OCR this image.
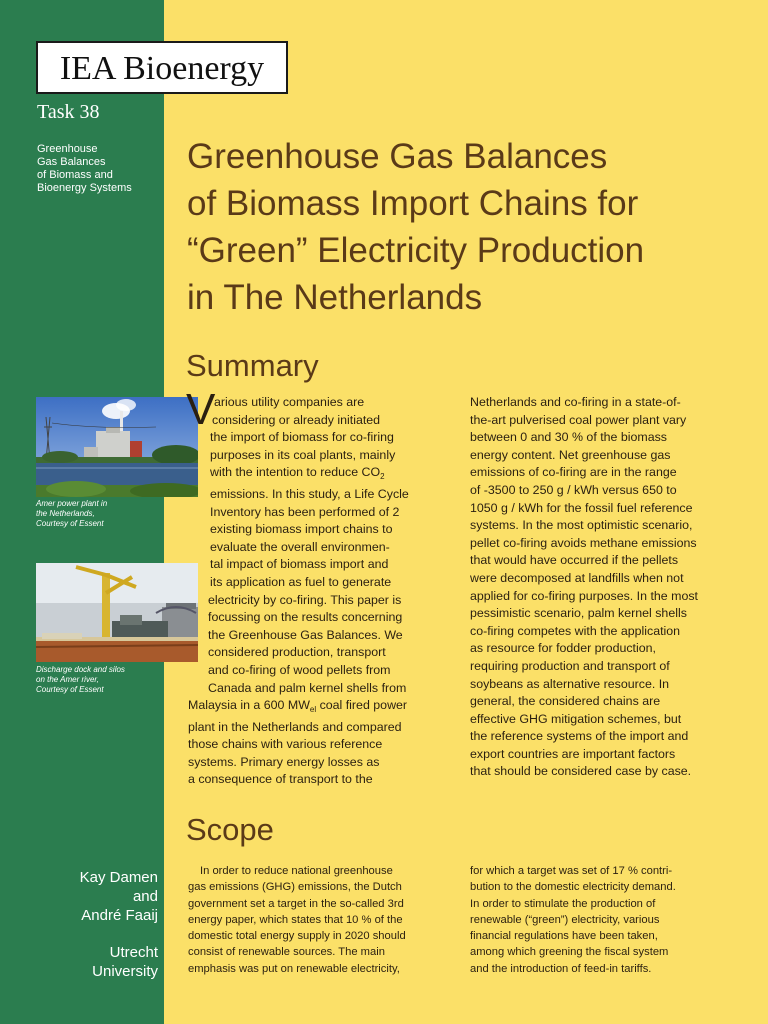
IEA Bioenergy
Task 38
Greenhouse
Gas Balances
of Biomass and
Bioenergy Systems
Greenhouse Gas Balances
of Biomass Import Chains for
“Green” Electricity Production
in The Netherlands
Summary
Amer power plant in
the Netherlands,
Courtesy of Essent
Discharge dock and silos
on the Amer river,
Courtesy of Essent
V
arious utility companies are
considering or already initiated
the import of biomass for co-firing
purposes in its coal plants, mainly
with the intention to reduce $CO_2$
emissions. In this study, a Life Cycle
Inventory has been performed of 2
existing biomass import chains to
evaluate the overall environmen-
tal impact of biomass import and
its application as fuel to generate
electricity by co-firing. This paper is
focussing on the results concerning
the Greenhouse Gas Balances. We
considered production, transport
and co-firing of wood pellets from
Canada and palm kernel shells from
Malaysia in a 600 $MW_{el}$ coal fired power
plant in the Netherlands and compared
those chains with various reference
systems. Primary energy losses as
a consequence of transport to the
Netherlands and co-firing in a state-of-
the-art pulverised coal power plant vary
between 0 and 30 % of the biomass
energy content. Net greenhouse gas
emissions of co-firing are in the range
of -3500 to 250 g / kWh versus 650 to
1050 g / kWh for the fossil fuel reference
systems. In the most optimistic scenario,
pellet co-firing avoids methane emissions
that would have occurred if the pellets
were decomposed at landfills when not
applied for co-firing purposes. In the most
pessimistic scenario, palm kernel shells
co-firing competes with the application
as resource for fodder production,
requiring production and transport of
soybeans as alternative resource. In
general, the considered chains are
effective GHG mitigation schemes, but
the reference systems of the import and
export countries are important factors
that should be considered case by case.
Scope
In order to reduce national greenhouse
gas emissions (GHG) emissions, the Dutch
government set a target in the so-called 3rd
energy paper, which states that 10 % of the
domestic total energy supply in 2020 should
consist of renewable sources. The main
emphasis was put on renewable electricity,
for which a target was set of 17 % contri-
bution to the domestic electricity demand.
In order to stimulate the production of
renewable (“green”) electricity, various
financial regulations have been taken,
among which greening the fiscal system
and the introduction of feed-in tariffs.
Kay Damen
and
André Faaij
Utrecht
University
